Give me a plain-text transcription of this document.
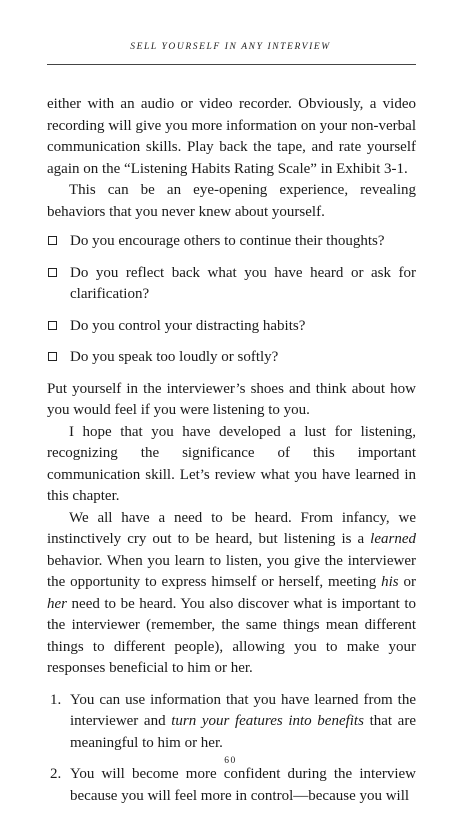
SELL YOURSELF IN ANY INTERVIEW

either with an audio or video recorder. Obviously, a video recording will give you more information on your non-verbal communication skills. Play back the tape, and rate yourself again on the “Listening Habits Rating Scale” in Exhibit 3-1.

This can be an eye-opening experience, revealing behaviors that you never knew about yourself.

Do you encourage others to continue their thoughts?
Do you reflect back what you have heard or ask for clarification?
Do you control your distracting habits?
Do you speak too loudly or softly?

Put yourself in the interviewer’s shoes and think about how you would feel if you were listening to you.

I hope that you have developed a lust for listening, recognizing the significance of this important communication skill. Let’s review what you have learned in this chapter.

We all have a need to be heard. From infancy, we instinctively cry out to be heard, but listening is a learned behavior. When you learn to listen, you give the interviewer the opportunity to express himself or herself, meeting his or her need to be heard. You also discover what is important to the interviewer (remember, the same things mean different things to different people), allowing you to make your responses beneficial to him or her.

1. You can use information that you have learned from the interviewer and turn your features into benefits that are meaningful to him or her.
2. You will become more confident during the interview because you will feel more in control—because you will
60
